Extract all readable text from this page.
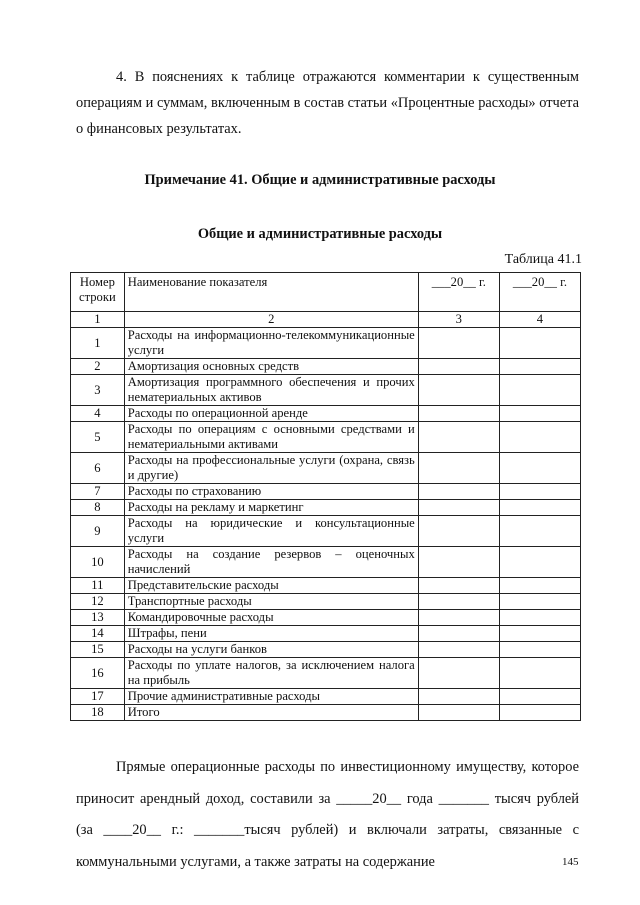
4. В пояснениях к таблице отражаются комментарии к существенным операциям и суммам, включенным в состав статьи «Процентные расходы» отчета о финансовых результатах.

Примечание 41. Общие и административные расходы
Общие и административные расходы
Таблица 41.1
Номер строки	Наименование показателя	___20__ г.	___20__ г.
1	2	3	4
1	Расходы на информационно-телекоммуникационные услуги		
2	Амортизация основных средств		
3	Амортизация программного обеспечения и прочих нематериальных активов		
4	Расходы по операционной аренде		
5	Расходы по операциям с основными средствами и нематериальными активами		
6	Расходы на профессиональные услуги (охрана, связь и другие)		
7	Расходы по страхованию		
8	Расходы на рекламу и маркетинг		
9	Расходы на юридические и консультационные услуги		
10	Расходы на создание резервов – оценочных начислений		
11	Представительские расходы		
12	Транспортные расходы		
13	Командировочные расходы		
14	Штрафы, пени		
15	Расходы на услуги банков		
16	Расходы по уплате налогов, за исключением налога на прибыль		
17	Прочие административные расходы		
18	Итого		

Прямые операционные расходы по инвестиционному имуществу, которое приносит арендный доход, составили за _____20__ года _______ тысяч рублей (за ____20__ г.: _______тысяч рублей) и включали затраты, связанные с коммунальными услугами, а также затраты на содержание	145
